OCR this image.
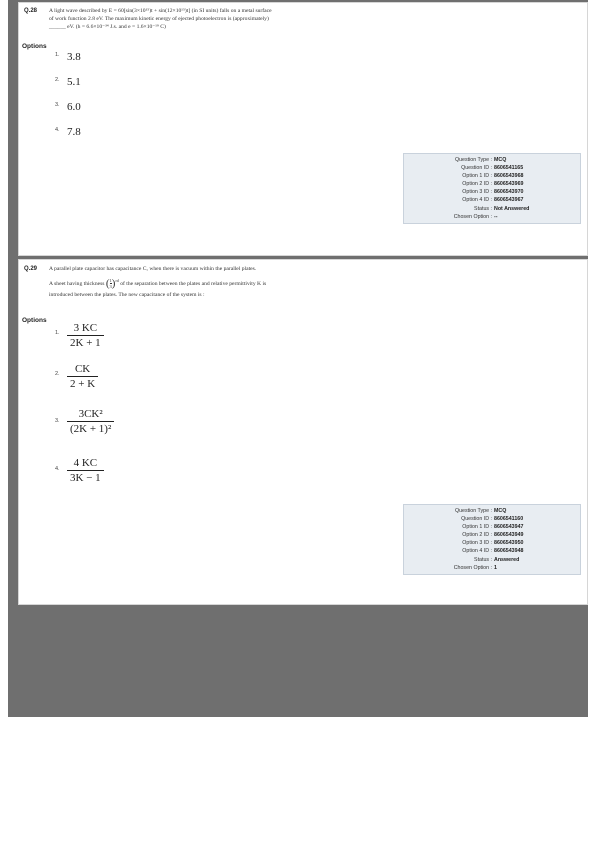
Q.28 A light wave described by E = 60[sin(3×10¹⁵)t + sin(12×10¹⁵)t] (in SI units) falls on a metal surface
of work function 2.8 eV. The maximum kinetic energy of ejected photoelectron is (approximately)
______ eV. (h = 6.6×10⁻³⁴ J.s. and e = 1.6×10⁻¹⁹ C)
Options
1. 3.8
2. 5.1
3. 6.0
4. 7.8
Question Type : MCQ
Question ID : 8606541165
Option 1 ID : 8606543968
Option 2 ID : 8606543969
Option 3 ID : 8606543970
Option 4 ID : 8606543967
Status : Not Answered
Chosen Option : --
Q.29 A parallel plate capacitor has capacitance C, when there is vacuum within the parallel plates.
A sheet having thickness $(\frac{1}{3} )^{rd}$ of the separation between the plates and relative permittivity K is
introduced between the plates. The new capacitance of the system is :
Options
1.	3 KC
2K + 1
2.	CK
2 + K
3.
3CK²
(2K + 1)²
4.	4 KC
3K − 1
Question Type : MCQ
Question ID : 8606541160
Option 1 ID : 8606543947
Option 2 ID : 8606543949
Option 3 ID : 8606543950
Option 4 ID : 8606543948
Status : Answered
Chosen Option : 1
